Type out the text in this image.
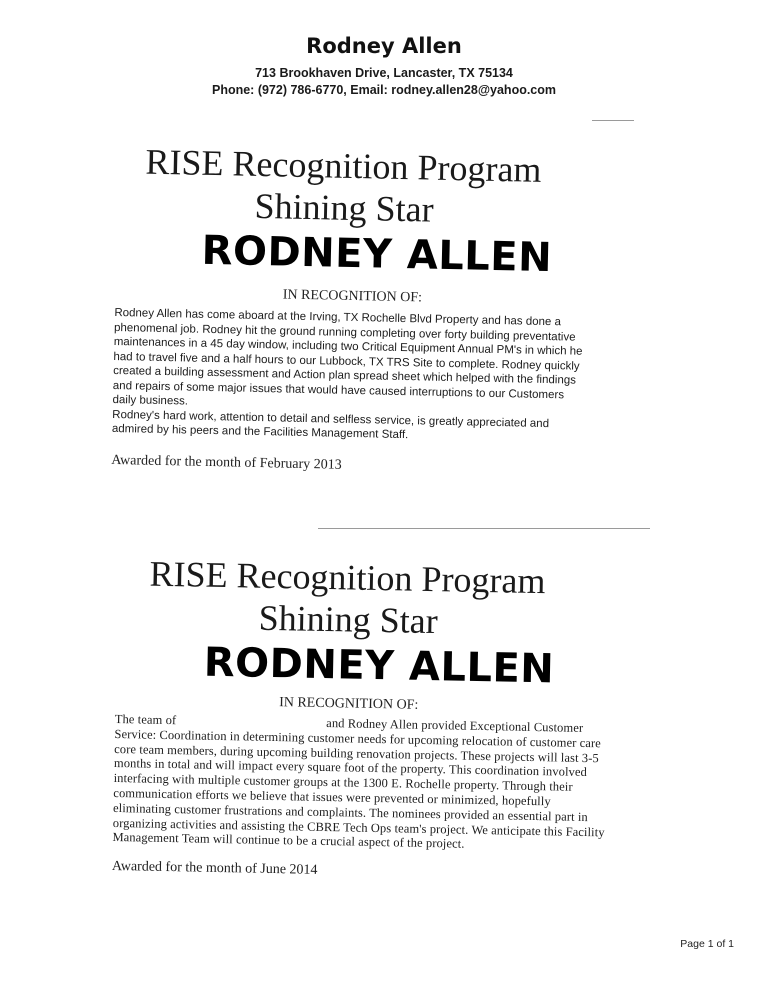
Rodney Allen
713 Brookhaven Drive, Lancaster, TX 75134
Phone: (972) 786-6770, Email: rodney.allen28@yahoo.com
RISE Recognition Program
Shining Star
RODNEY ALLEN
IN RECOGNITION OF:

Rodney Allen has come aboard at the Irving, TX Rochelle Blvd Property and has done a phenomenal job. Rodney hit the ground running completing over forty building preventative maintenances in a 45 day window, including two Critical Equipment Annual PM's in which he had to travel five and a half hours to our Lubbock, TX TRS Site to complete. Rodney quickly created a building assessment and Action plan spread sheet which helped with the findings and repairs of some major issues that would have caused interruptions to our Customers daily business.

Rodney's hard work, attention to detail and selfless service, is greatly appreciated and admired by his peers and the Facilities Management Staff.

Awarded for the month of February 2013
RISE Recognition Program
Shining Star
RODNEY ALLEN
IN RECOGNITION OF:
The team of	and Rodney Allen provided Exceptional Customer Service: Coordination in determining customer needs for upcoming relocation of customer care core team members, during upcoming building renovation projects. These projects will last 3-5 months in total and will impact every square foot of the property. This coordination involved interfacing with multiple customer groups at the 1300 E. Rochelle property. Through their communication efforts we believe that issues were prevented or minimized, hopefully eliminating customer frustrations and complaints. The nominees provided an essential part in organizing activities and assisting the CBRE Tech Ops team's project. We anticipate this Facility Management Team will continue to be a crucial aspect of the project.
Awarded for the month of June 2014
Page 1 of 1
